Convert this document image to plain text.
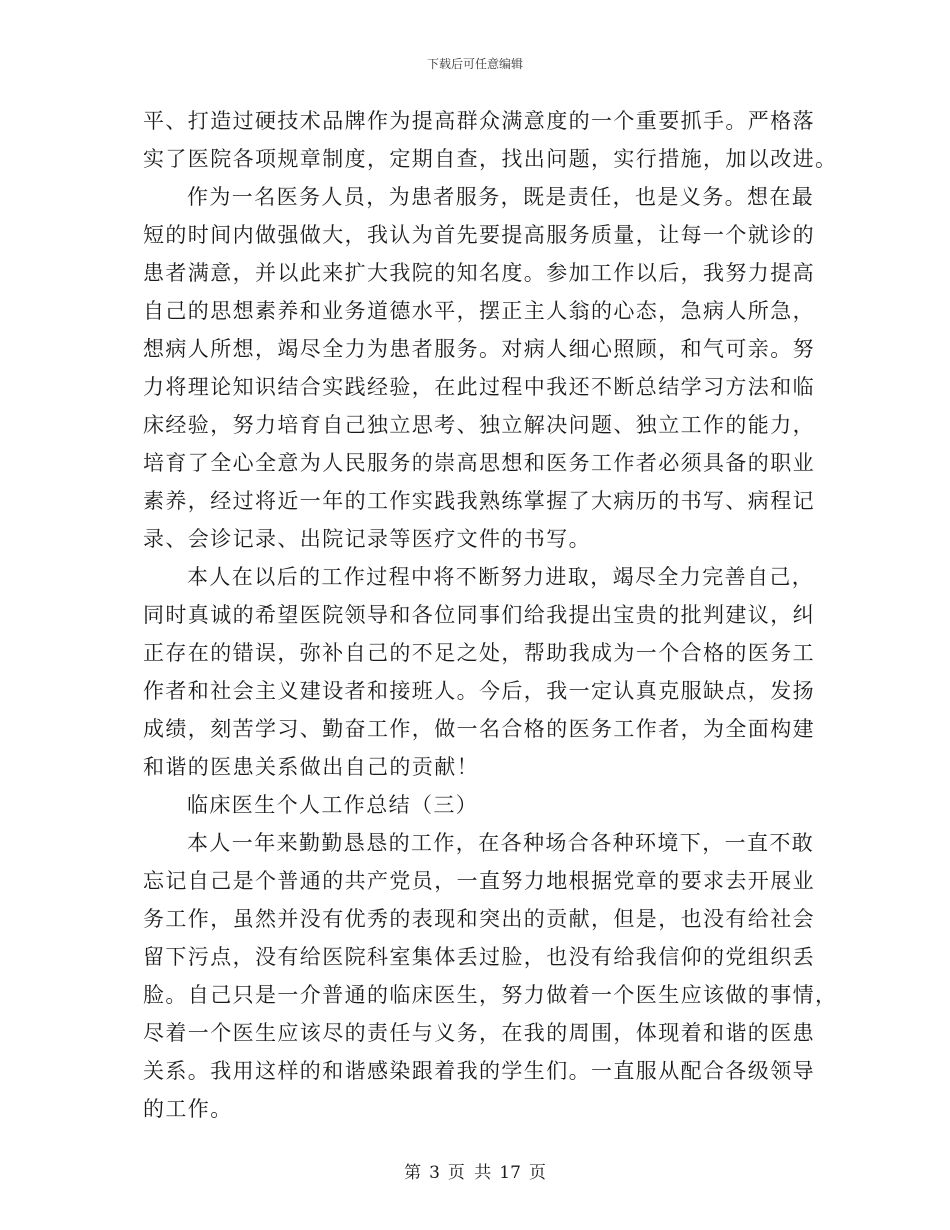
下载后可任意编辑
平、打造过硬技术品牌作为提高群众满意度的一个重要抓手。严格落
实了医院各项规章制度，定期自查，找出问题，实行措施，加以改进。
作为一名医务人员，为患者服务，既是责任，也是义务。想在最
短的时间内做强做大，我认为首先要提高服务质量，让每一个就诊的
患者满意，并以此来扩大我院的知名度。参加工作以后，我努力提高
自己的思想素养和业务道德水平，摆正主人翁的心态，急病人所急，
想病人所想，竭尽全力为患者服务。对病人细心照顾，和气可亲。努
力将理论知识结合实践经验，在此过程中我还不断总结学习方法和临
床经验，努力培育自己独立思考、独立解决问题、独立工作的能力，
培育了全心全意为人民服务的崇高思想和医务工作者必须具备的职业
素养，经过将近一年的工作实践我熟练掌握了大病历的书写、病程记
录、会诊记录、出院记录等医疗文件的书写。
本人在以后的工作过程中将不断努力进取，竭尽全力完善自己，
同时真诚的希望医院领导和各位同事们给我提出宝贵的批判建议，纠
正存在的错误，弥补自己的不足之处，帮助我成为一个合格的医务工
作者和社会主义建设者和接班人。今后，我一定认真克服缺点，发扬
成绩，刻苦学习、勤奋工作，做一名合格的医务工作者，为全面构建
和谐的医患关系做出自己的贡献！
临床医生个人工作总结（三）
本人一年来勤勤恳恳的工作，在各种场合各种环境下，一直不敢
忘记自己是个普通的共产党员，一直努力地根据党章的要求去开展业
务工作，虽然并没有优秀的表现和突出的贡献，但是，也没有给社会
留下污点，没有给医院科室集体丢过脸，也没有给我信仰的党组织丢
脸。自己只是一介普通的临床医生，努力做着一个医生应该做的事情，
尽着一个医生应该尽的责任与义务，在我的周围，体现着和谐的医患
关系。我用这样的和谐感染跟着我的学生们。一直服从配合各级领导
的工作。
第 3 页 共 17 页
